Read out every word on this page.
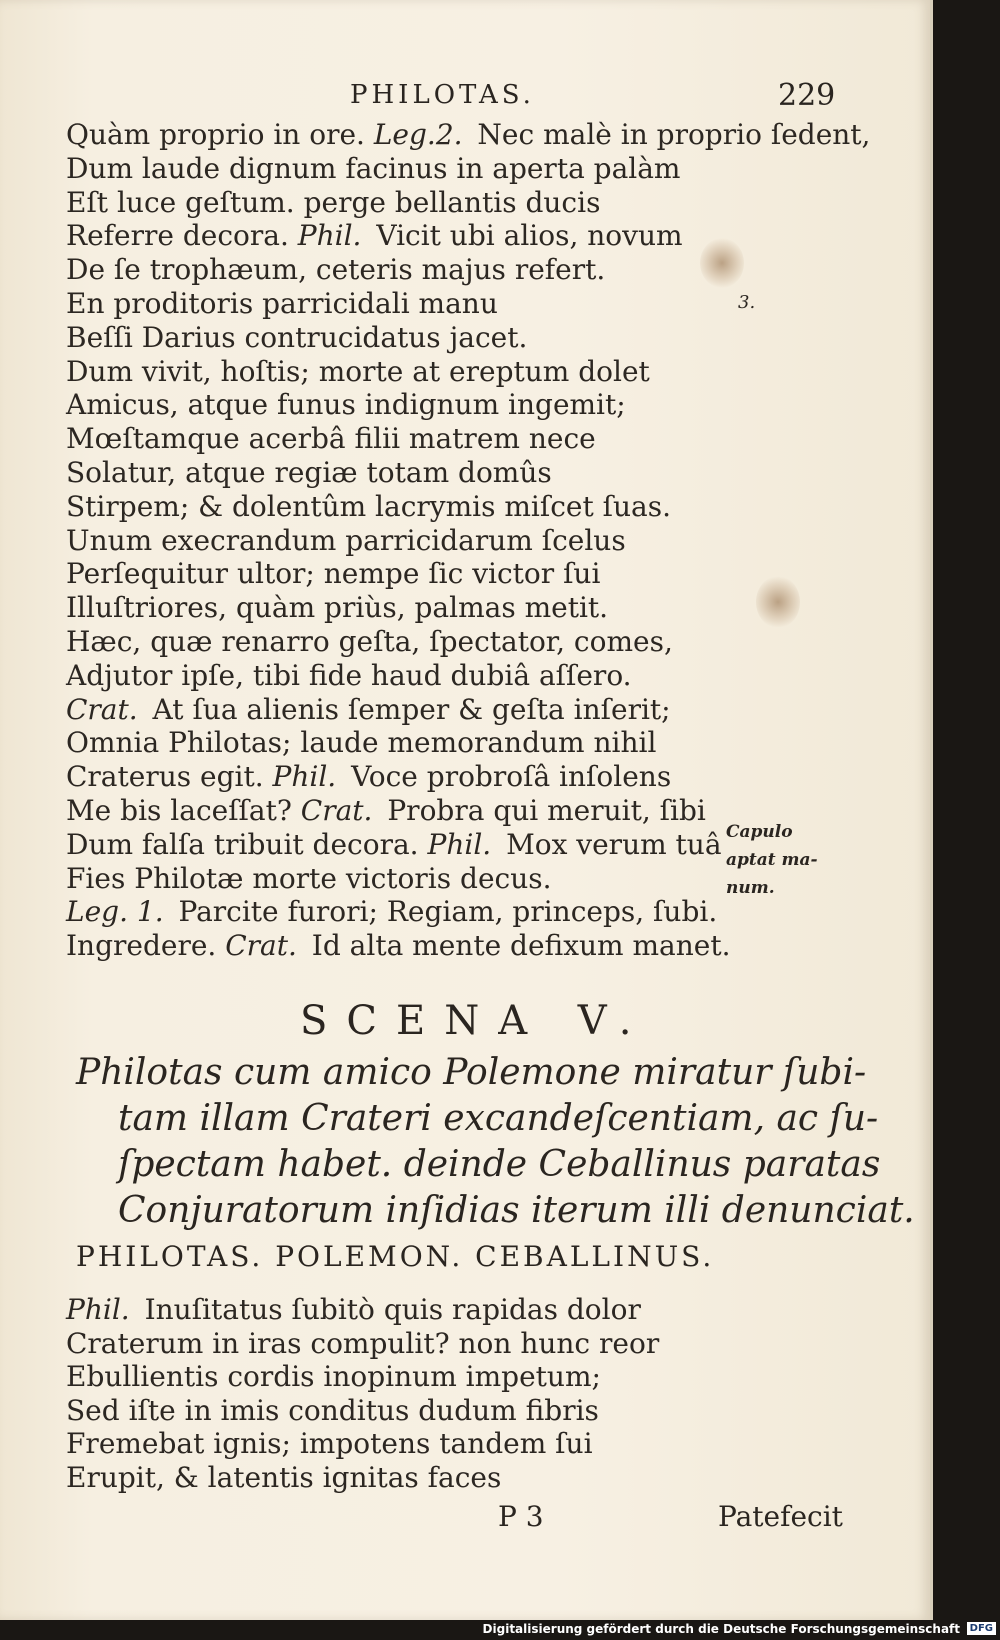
PHILOTAS.	229
Quàm proprio in ore. Leg.2. Nec malè in proprio ſedent,
Dum laude dignum facinus in aperta palàm
Eſt luce geſtum. perge bellantis ducis
Referre decora. Phil. Vicit ubi alios, novum
De ſe trophæum, ceteris majus refert.
En proditoris parricidali manu
Beſſi Darius contrucidatus jacet.
Dum vivit, hoſtis; morte at ereptum dolet
Amicus, atque funus indignum ingemit;
Mœſtamque acerbâ filii matrem nece
Solatur, atque regiæ totam domûs
Stirpem; & dolentûm lacrymis miſcet ſuas.
Unum execrandum parricidarum ſcelus
Perſequitur ultor; nempe ſic victor ſui
Illuſtriores, quàm priùs, palmas metit.
Hæc, quæ renarro geſta, ſpectator, comes,
Adjutor ipſe, tibi fide haud dubiâ aſſero.
Crat. At ſua alienis ſemper & geſta inſerit;
Omnia Philotas; laude memorandum nihil
Craterus egit. Phil. Voce probroſâ inſolens
Me bis laceſſat? Crat. Probra qui meruit, ſibi
Dum falſa tribuit decora. Phil. Mox verum tuâ
Fies Philotæ morte victoris decus.
Leg. 1. Parcite furori; Regiam, princeps, ſubi.
Ingredere. Crat. Id alta mente defixum manet.
3.
Capulo
aptat ma-
num.
SCENA V.
Philotas cum amico Polemone miratur ſubi-
tam illam Crateri excandeſcentiam, ac ſu-
ſpectam habet. deinde Ceballinus paratas
Conjuratorum inſidias iterum illi denunciat.
PHILOTAS. POLEMON. CEBALLINUS.
Phil. Inuſitatus ſubitò quis rapidas dolor
Craterum in iras compulit? non hunc reor
Ebullientis cordis inopinum impetum;
Sed iſte in imis conditus dudum fibris
Fremebat ignis; impotens tandem ſui
Erupit, & latentis ignitas faces
P 3	Patefecit
Digitalisierung gefördert durch die Deutsche Forschungsgemeinschaft DFG
